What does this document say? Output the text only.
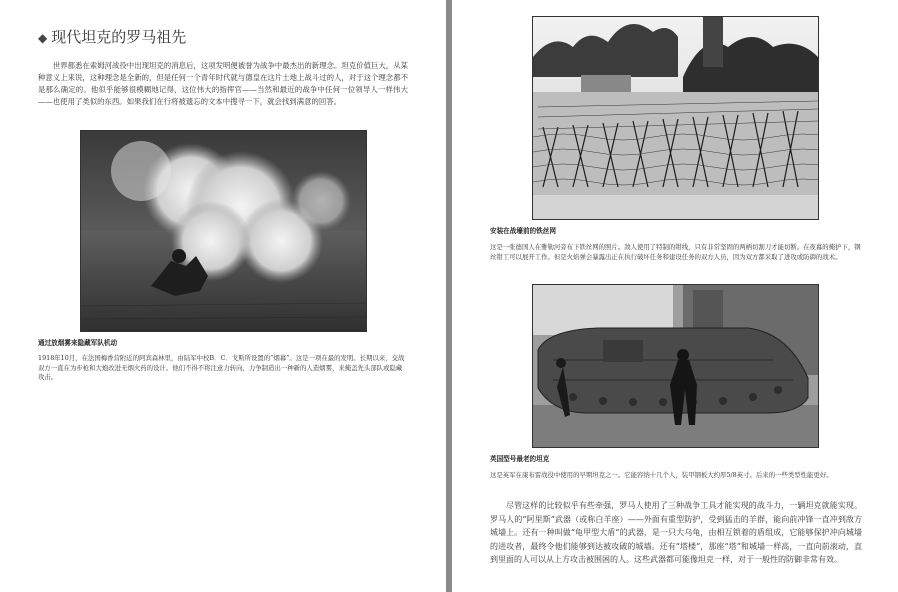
◆ 现代坦克的罗马祖先

世界都悉在索姆河战役中出现坦克的消息后，这项发明便被誉为战争中最杰出的新理念。坦克价值巨大，从某种意义上来说，这种理念是全新的，但是任何一个青年时代就与德皇在这片土地上战斗过的人，对于这个理念都不是那么确定的。他似乎能够很模糊地记得，这位伟大的指挥官——当然和最近的战争中任何一位领导人一样伟大——也使用了类似的东西。如果我们在行将被遗忘的文本中搜寻一下，就会找到满意的回答。

通过放烟雾来隐藏军队机动

1918年10月，在法国梅香营附近的阿宾森林里，由陆军中校B．C．戈斯所设置的“烟幕”。这是一项在最的发明。长期以来，交战双方一直在为步枪和大炮改进无烟火药的设计。他们不得不将注意力转向，力争制造出一种新的人造烟雾，来掩盖先头部队或隐藏攻击。

安装在战壕前的铁丝网

这是一张德国人在雅勒河旁布下铁丝网的照片。敌人使用了特制的钳线，只有非常坚固的两柄切割刀才能切断。在夜幕的掩护下，钢丝钳工可以展开工作。但是火焰弹会暴露出正在执行破坏任务和建设任务的双方人员，因为双方都采取了进攻或防御的战术。

英国型号最老的坦克

这是英军在康布雷战役中使用的早期坦克之一。它能容纳十几个人，装甲钢板大约厚5/8英寸。后来的一些类型性能更好。

尽管这样的比较似乎有些牵强，罗马人使用了三种战争工具才能实现的战斗力，一辆坦克就能实现。罗马人的“阿里斯”武器（或称白羊座）——外面有重型防护，受到猛击的羊群，能向前冲锋一直冲到敌方城墙上。还有一种叫做“龟甲型大盾”的武器，是一只大乌龟，由相互锁着的盾组成，它能够保护冲向城墙的进攻者，最终令他们能够到达被攻破的城墙。还有“塔楼”，那座“塔”和城墙一样高，一直向前滚动，直到里面的人可以从上方攻击被围困的人。这些武器都可能像坦克一样，对于一般性的防御非常有效。
